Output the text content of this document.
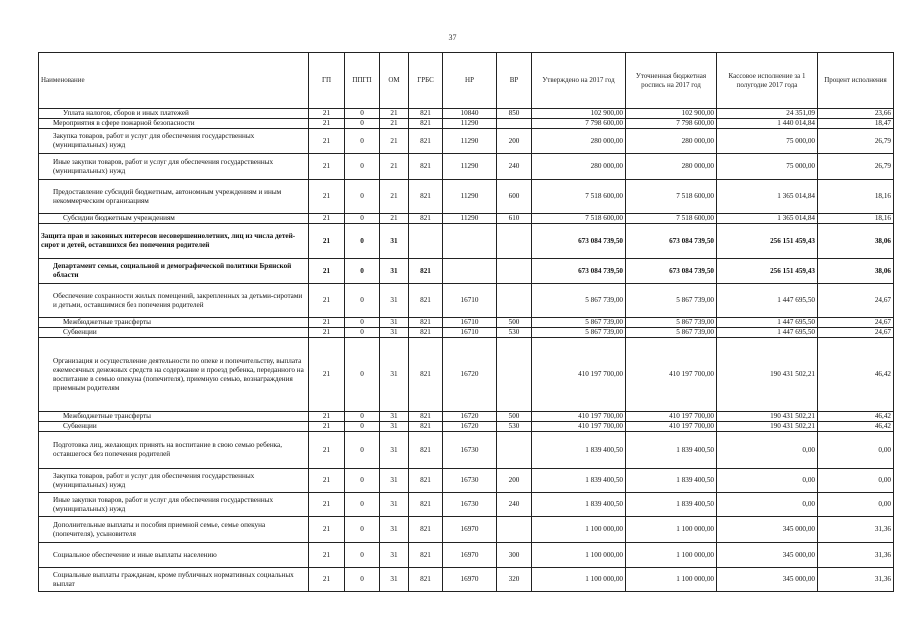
37
Наименование	ГП	ППГП	ОМ	ГРБС	НР	ВР	Утверждено на 2017 год	Уточненная бюджетная роспись на 2017 год	Кассовое исполнение за 1 полугодие 2017 года	Процент исполнения

Уплата налогов, сборов и иных платежей	21	0	21	821	10840	850	102 900,00	102 900,00	24 351,09	23,66

Мероприятия в сфере пожарной безопасности	21	0	21	821	11290		7 798 600,00	7 798 600,00	1 440 014,84	18,47

Закупка товаров, работ и услуг для обеспечения государственных (муниципальных) нужд	21	0	21	821	11290	200	280 000,00	280 000,00	75 000,00	26,79

Иные закупки товаров, работ и услуг для обеспечения государственных (муниципальных) нужд	21	0	21	821	11290	240	280 000,00	280 000,00	75 000,00	26,79

Предоставление субсидий бюджетным, автономным учреждениям и иным некоммерческим организациям	21	0	21	821	11290	600	7 518 600,00	7 518 600,00	1 365 014,84	18,16

Субсидии бюджетным учреждениям	21	0	21	821	11290	610	7 518 600,00	7 518 600,00	1 365 014,84	18,16

Защита прав и законных интересов несовершеннолетних, лиц из числа детей-сирот и детей, оставшихся без попечения родителей	21	0	31				673 084 739,50	673 084 739,50	256 151 459,43	38,06

Департамент семьи, социальной и демографической политики Брянской области	21	0	31	821			673 084 739,50	673 084 739,50	256 151 459,43	38,06

Обеспечение сохранности жилых помещений, закрепленных за детьми-сиротами и детьми, оставшимися без попечения родителей	21	0	31	821	16710		5 867 739,00	5 867 739,00	1 447 695,50	24,67

Межбюджетные трансферты	21	0	31	821	16710	500	5 867 739,00	5 867 739,00	1 447 695,50	24,67

Субвенции	21	0	31	821	16710	530	5 867 739,00	5 867 739,00	1 447 695,50	24,67

Организация и осуществление деятельности по опеке и попечительству, выплата ежемесячных денежных средств на содержание и проезд ребенка, переданного на воспитание в семью опекуна (попечителя), приемную семью, вознаграждения приемным родителям	21	0	31	821	16720		410 197 700,00	410 197 700,00	190 431 502,21	46,42

Межбюджетные трансферты	21	0	31	821	16720	500	410 197 700,00	410 197 700,00	190 431 502,21	46,42

Субвенции	21	0	31	821	16720	530	410 197 700,00	410 197 700,00	190 431 502,21	46,42

Подготовка лиц, желающих принять на воспитание в свою семью ребенка, оставшегося без попечения родителей	21	0	31	821	16730		1 839 400,50	1 839 400,50	0,00	0,00

Закупка товаров, работ и услуг для обеспечения государственных (муниципальных) нужд	21	0	31	821	16730	200	1 839 400,50	1 839 400,50	0,00	0,00

Иные закупки товаров, работ и услуг для обеспечения государственных (муниципальных) нужд	21	0	31	821	16730	240	1 839 400,50	1 839 400,50	0,00	0,00

Дополнительные выплаты и пособия приемной семье, семье опекуна (попечителя), усыновителя	21	0	31	821	16970		1 100 000,00	1 100 000,00	345 000,00	31,36

Социальное обеспечение и иные выплаты населению	21	0	31	821	16970	300	1 100 000,00	1 100 000,00	345 000,00	31,36

Социальные выплаты гражданам, кроме публичных нормативных социальных выплат	21	0	31	821	16970	320	1 100 000,00	1 100 000,00	345 000,00	31,36
